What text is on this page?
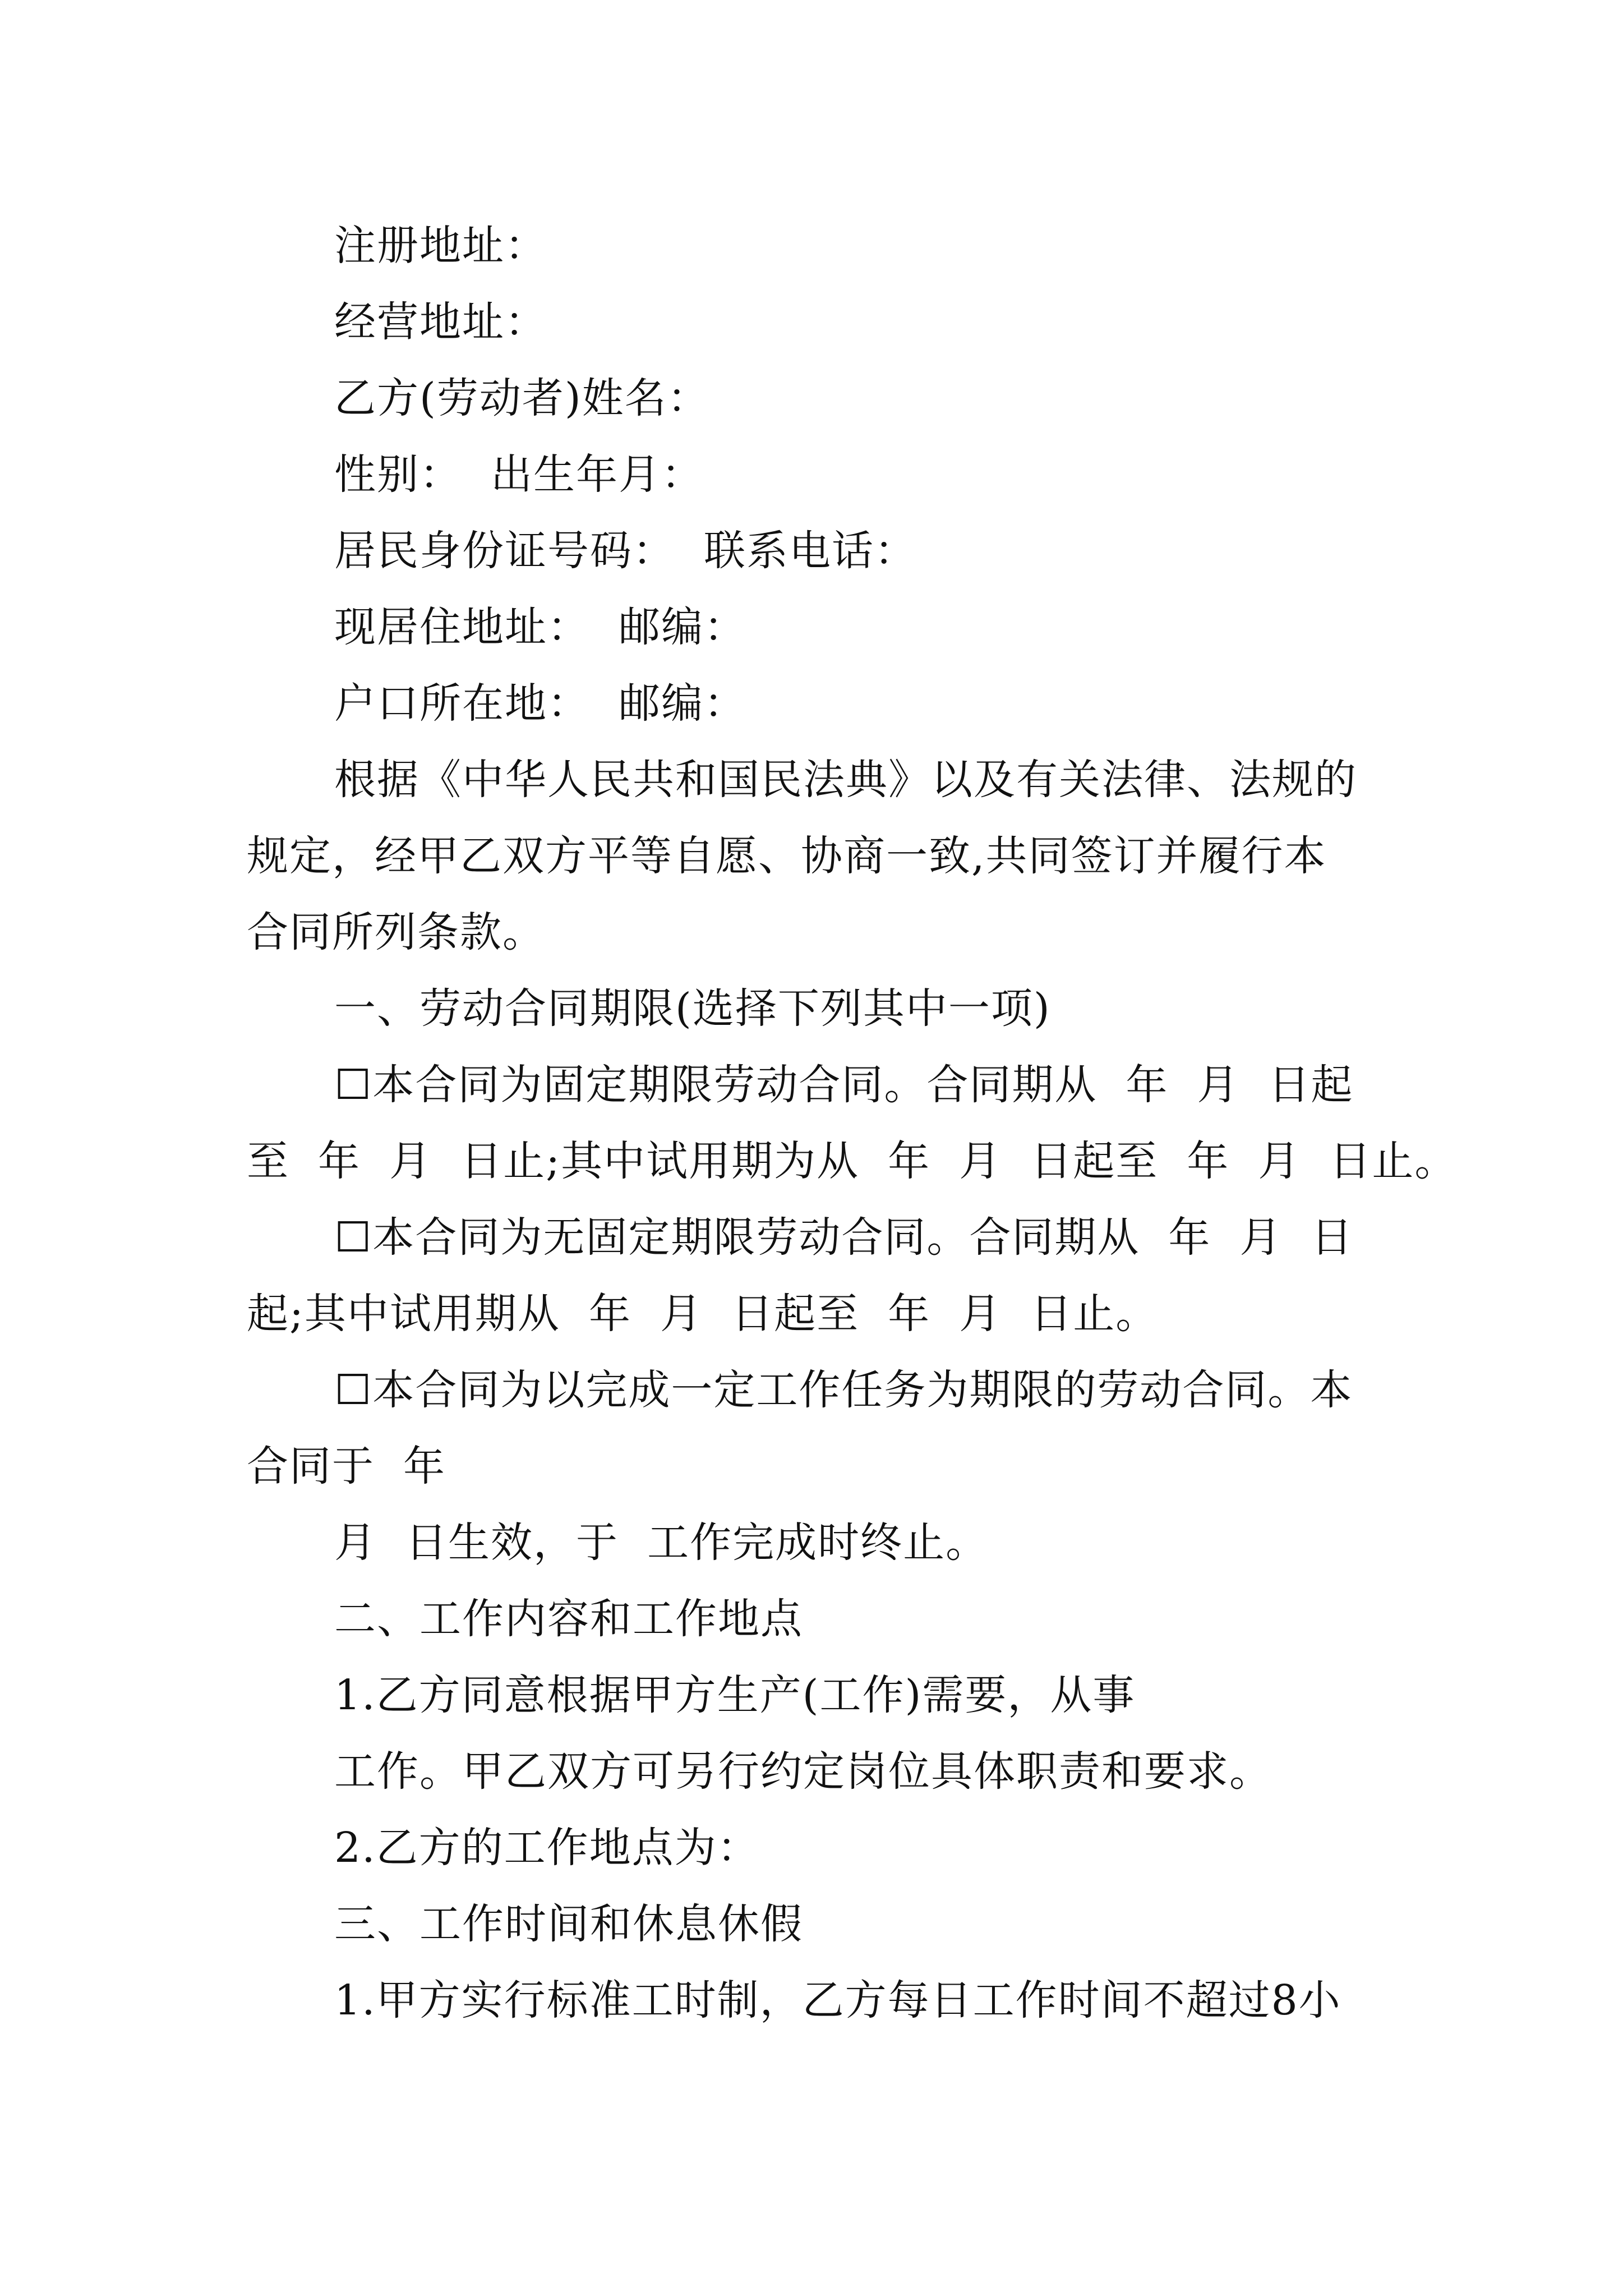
注册地址：
经营地址：
乙方(劳动者)姓名：
性别：  出生年月：
居民身份证号码：  联系电话：
现居住地址：  邮编：
户口所在地：  邮编：
根据《中华人民共和国民法典》以及有关法律、法规的
规定，经甲乙双方平等自愿、协商一致,共同签订并履行本
合同所列条款。
一、劳动合同期限(选择下列其中一项)
☐本合同为固定期限劳动合同。合同期从  年  月  日起
至  年  月  日止;其中试用期为从  年  月  日起至  年  月  日止。
☐本合同为无固定期限劳动合同。合同期从  年  月  日
起;其中试用期从  年  月  日起至  年  月  日止。
☐本合同为以完成一定工作任务为期限的劳动合同。本
合同于  年
月  日生效，于  工作完成时终止。
二、工作内容和工作地点
1.乙方同意根据甲方生产(工作)需要，从事
工作。甲乙双方可另行约定岗位具体职责和要求。
2.乙方的工作地点为：
三、工作时间和休息休假
1.甲方实行标准工时制，乙方每日工作时间不超过8小
